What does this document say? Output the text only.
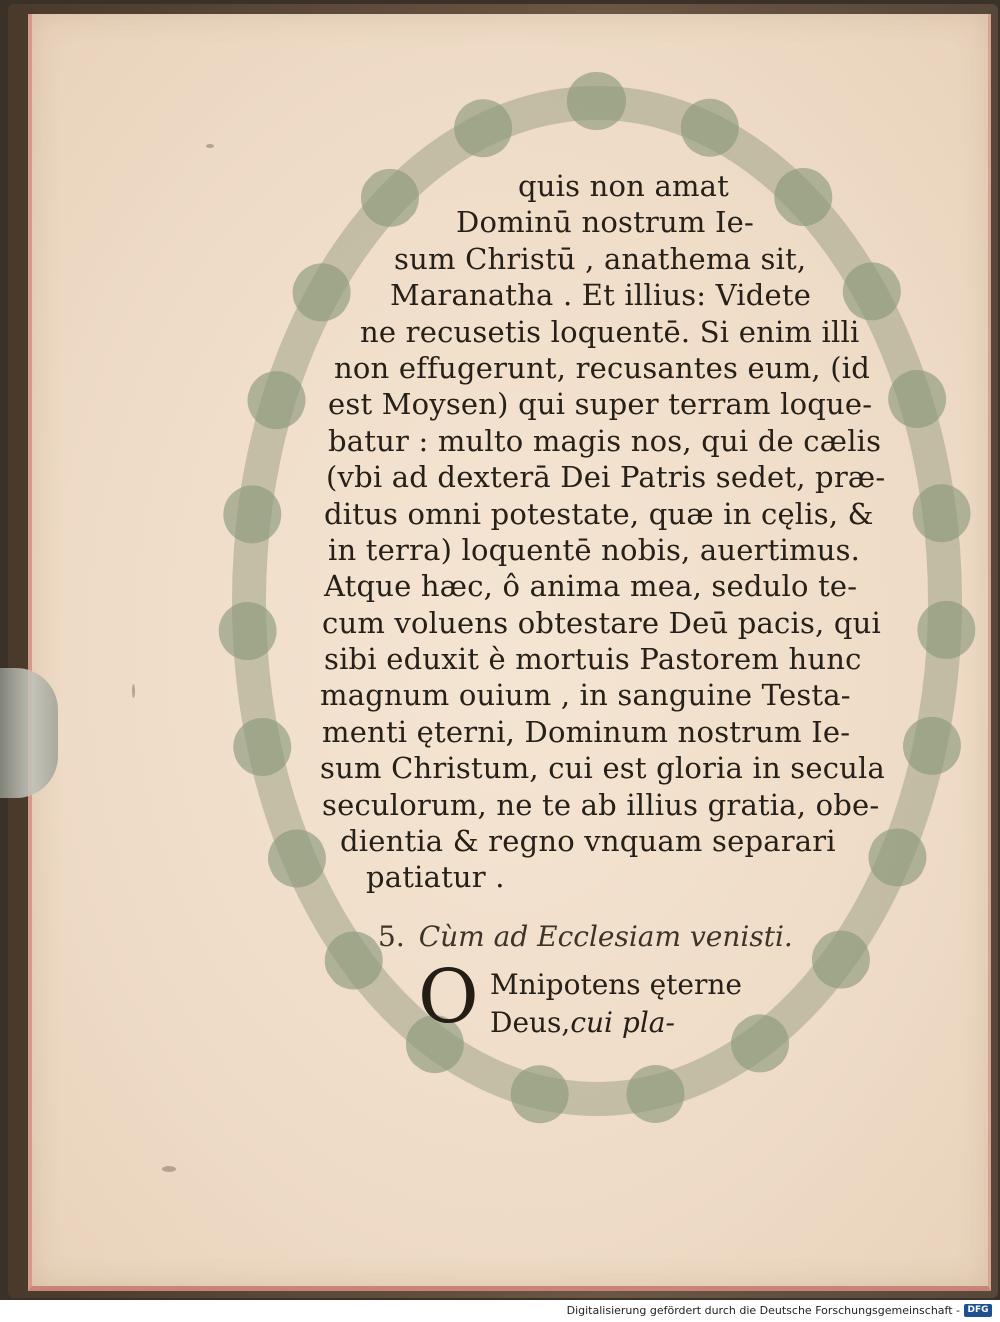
quis non amat
Dominū nostrum Ie-
sum Christū , anathema sit,
Maranatha . Et illius: Videte
ne recusetis loquentē. Si enim illi
non effugerunt, recusantes eum, (id
est Moysen) qui super terram loque-
batur : multo magis nos, qui de cælis
(vbi ad dexterā Dei Patris sedet, præ-
ditus omni potestate, quæ in cęlis, &
in terra) loquentē nobis, auertimus.
Atque hæc, ô anima mea, sedulo te-
cum voluens obtestare Deū pacis, qui
sibi eduxit è mortuis Pastorem hunc
magnum ouium , in sanguine Testa-
menti ęterni, Dominum nostrum Ie-
sum Christum, cui est gloria in secula
seculorum, ne te ab illius gratia, obe-
dientia & regno vnquam separari
patiatur .
5. Cùm ad Ecclesiam venisti.
O Mnipotens ęterne
Deus,cui pla-
Digitalisierung gefördert durch die Deutsche Forschungsgemeinschaft - DFG
